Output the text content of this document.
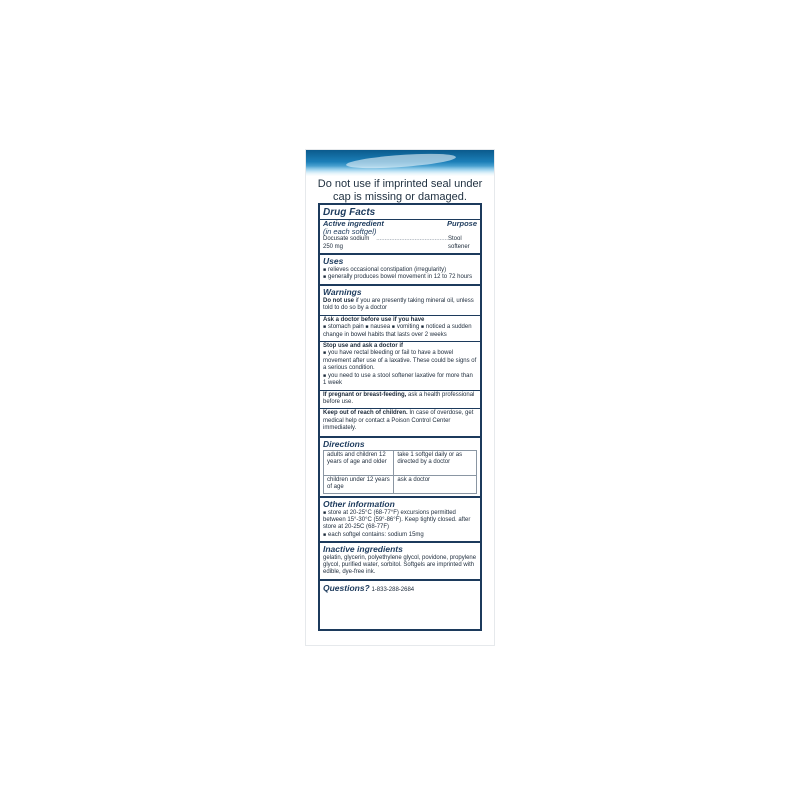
Do not use if imprinted seal under cap is missing or damaged.
Drug Facts
Active ingredient	Purpose
(in each softgel)
Docusate sodium 250 mg
........................................... Stool softener
Uses
■ relieves occasional constipation (irregularity)
■ generally produces bowel movement in 12 to 72 hours
Warnings
Do not use if you are presently taking mineral oil, unless told to do so by a doctor
Ask a doctor before use if you have
■ stomach pain ■ nausea ■ vomiting ■ noticed a sudden change in bowel habits that lasts over 2 weeks
Stop use and ask a doctor if
■ you have rectal bleeding or fail to have a bowel movement after use of a laxative. These could be signs of a serious condition.
■ you need to use a stool softener laxative for more than 1 week
If pregnant or breast-feeding, ask a health professional before use.
Keep out of reach of children. In case of overdose, get medical help or contact a Poison Control Center immediately.
Directions
adults and children 12 years of age and older	take 1 softgel daily or as directed by a doctor
children under 12 years of age	ask a doctor
Other information
■ store at 20-25°C (68-77°F) excursions permitted between 15°-30°C (59°-86°F). Keep tightly closed. after store at 20-25C (68-77F)
■ each softgel contains: sodium 15mg
Inactive ingredients
gelatin, glycerin, polyethylene glycol, povidone, propylene glycol, purified water, sorbitol. Softgels are imprinted with edible, dye-free ink.
Questions? 1-833-288-2684
